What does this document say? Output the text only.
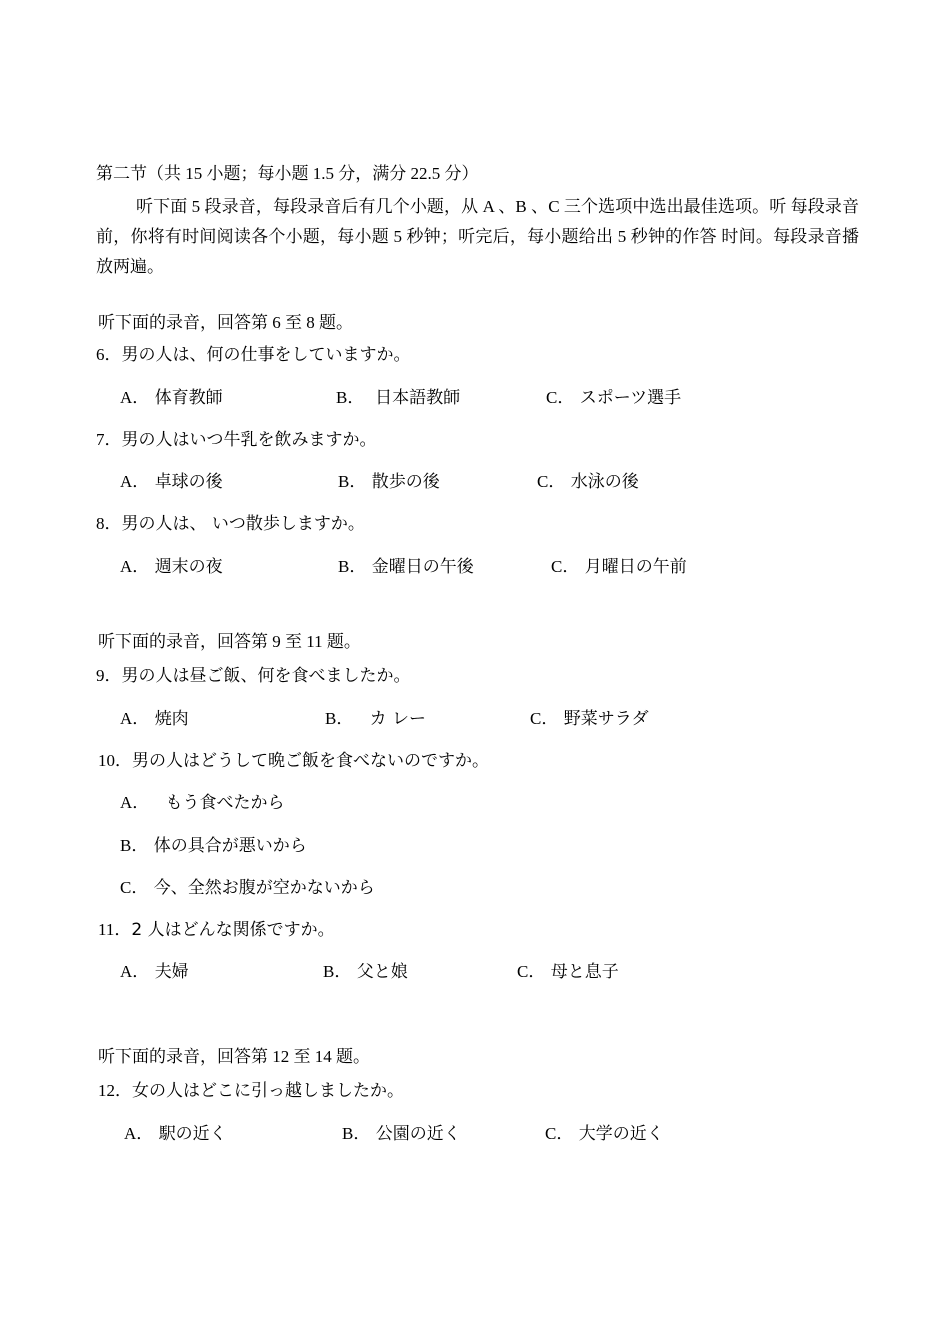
第二节（共 15 小题；每小题 1.5 分，满分 22.5 分）
听下面 5 段录音，每段录音后有几个小题，从 A 、B 、C 三个选项中选出最佳选项。听 每段录音前，你将有时间阅读各个小题，每小题 5 秒钟；听完后，每小题给出 5 秒钟的作答 时间。每段录音播放两遍。
听下面的录音，回答第 6 至 8 题。
6．男の人は、何の仕事をしていますか。
A． 体育教師	B． 日本語教師	C． スポーツ選手
7．男の人はいつ牛乳を飲みますか。
A． 卓球の後	B． 散歩の後	C． 水泳の後
8．男の人は、 いつ散歩しますか。
A． 週末の夜	B． 金曜日の午後	C． 月曜日の午前
听下面的录音，回答第 9 至 11 题。
9．男の人は昼ご飯、何を食べましたか。
A． 焼肉	B． カ レー	C． 野菜サラダ
10．男の人はどうして晩ご飯を食べないのですか。
A． もう食べたから
B． 体の具合が悪いから
C． 今、全然お腹が空かないから
11．2 人はどんな関係ですか。
A． 夫婦	B． 父と娘	C． 母と息子
听下面的录音，回答第 12 至 14 题。
12．女の人はどこに引っ越しましたか。
A． 駅の近く	B． 公園の近く	C． 大学の近く
